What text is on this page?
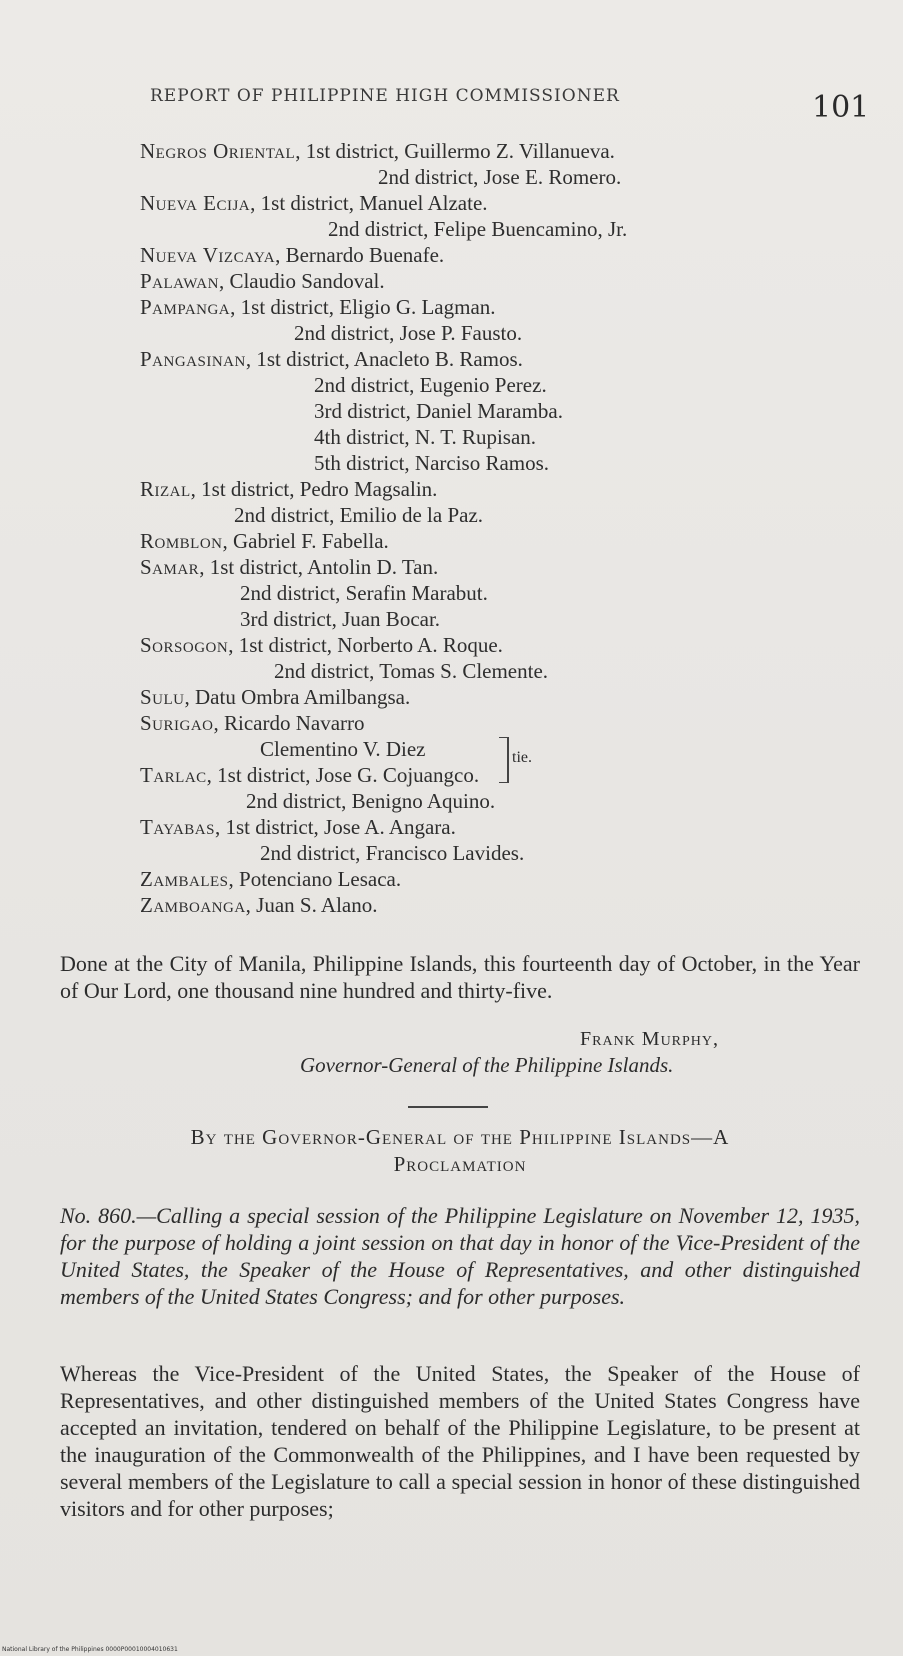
REPORT OF PHILIPPINE HIGH COMMISSIONER	101
Negros Oriental, 1st district, Guillermo Z. Villanueva.
2nd district, Jose E. Romero.
Nueva Ecija, 1st district, Manuel Alzate.
2nd district, Felipe Buencamino, Jr.
Nueva Vizcaya, Bernardo Buenafe.
Palawan, Claudio Sandoval.
Pampanga, 1st district, Eligio G. Lagman.
2nd district, Jose P. Fausto.
Pangasinan, 1st district, Anacleto B. Ramos.
2nd district, Eugenio Perez.
3rd district, Daniel Maramba.
4th district, N. T. Rupisan.
5th district, Narciso Ramos.
Rizal, 1st district, Pedro Magsalin.
2nd district, Emilio de la Paz.
Romblon, Gabriel F. Fabella.
Samar, 1st district, Antolin D. Tan.
2nd district, Serafin Marabut.
3rd district, Juan Bocar.
Sorsogon, 1st district, Norberto A. Roque.
2nd district, Tomas S. Clemente.
Sulu, Datu Ombra Amilbangsa.
Surigao, Ricardo Navarro
Clementino V. Diez	tie.
Tarlac, 1st district, Jose G. Cojuangco.
2nd district, Benigno Aquino.
Tayabas, 1st district, Jose A. Angara.
2nd district, Francisco Lavides.
Zambales, Potenciano Lesaca.
Zamboanga, Juan S. Alano.
Done at the City of Manila, Philippine Islands, this fourteenth day of October, in the Year of Our Lord, one thousand nine hundred and thirty-five.
Frank Murphy,
Governor-General of the Philippine Islands.
By the Governor-General of the Philippine Islands—A
Proclamation
No. 860.—Calling a special session of the Philippine Legislature on November 12, 1935, for the purpose of holding a joint session on that day in honor of the Vice-President of the United States, the Speaker of the House of Representatives, and other distinguished members of the United States Congress; and for other purposes.
Whereas the Vice-President of the United States, the Speaker of the House of Representatives, and other distinguished members of the United States Congress have accepted an invitation, tendered on behalf of the Philippine Legislature, to be present at the inauguration of the Commonwealth of the Philippines, and I have been requested by several members of the Legislature to call a special session in honor of these distinguished visitors and for other purposes;
National Library of the Philippines 0000P00010004010631
